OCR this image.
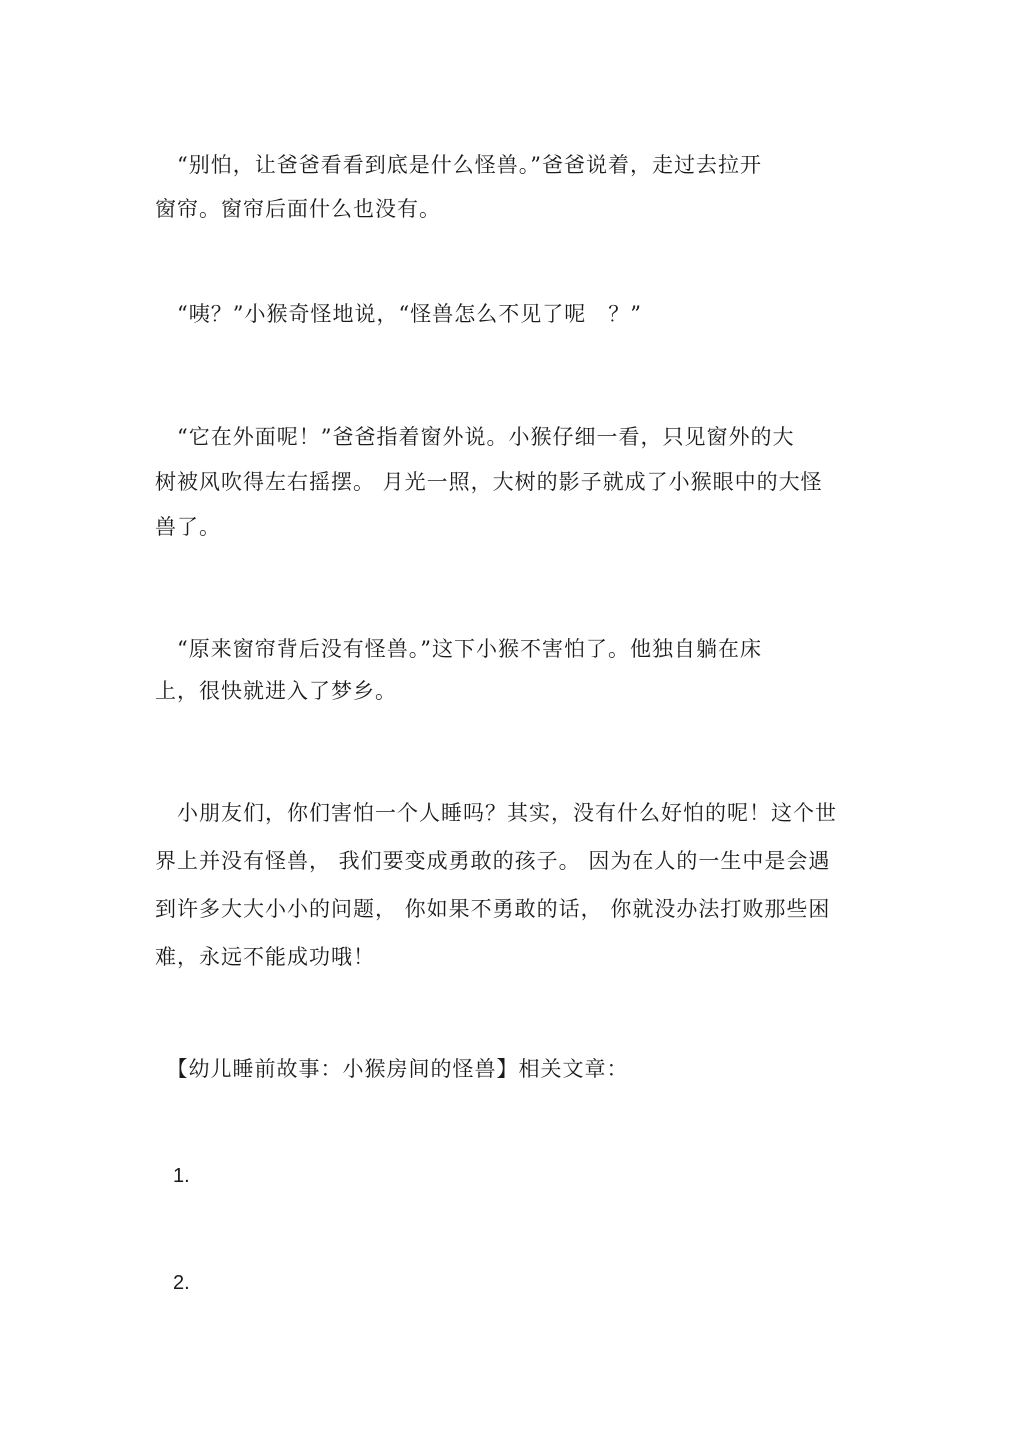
　“别怕，让爸爸看看到底是什么怪兽。”爸爸说着，走过去拉开
窗帘。窗帘后面什么也没有。
　“咦？”小猴奇怪地说，“怪兽怎么不见了呢　？”
　“它在外面呢！”爸爸指着窗外说。小猴仔细一看，只见窗外的大
树被风吹得左右摇摆。 月光一照，大树的影子就成了小猴眼中的大怪
兽了。
　“原来窗帘背后没有怪兽。”这下小猴不害怕了。他独自躺在床
上，很快就进入了梦乡。
　小朋友们，你们害怕一个人睡吗？其实，没有什么好怕的呢！这个世
界上并没有怪兽， 我们要变成勇敢的孩子。 因为在人的一生中是会遇
到许多大大小小的问题， 你如果不勇敢的话， 你就没办法打败那些困
难，永远不能成功哦！
　【幼儿睡前故事：小猴房间的怪兽】相关文章：
1.
2.
